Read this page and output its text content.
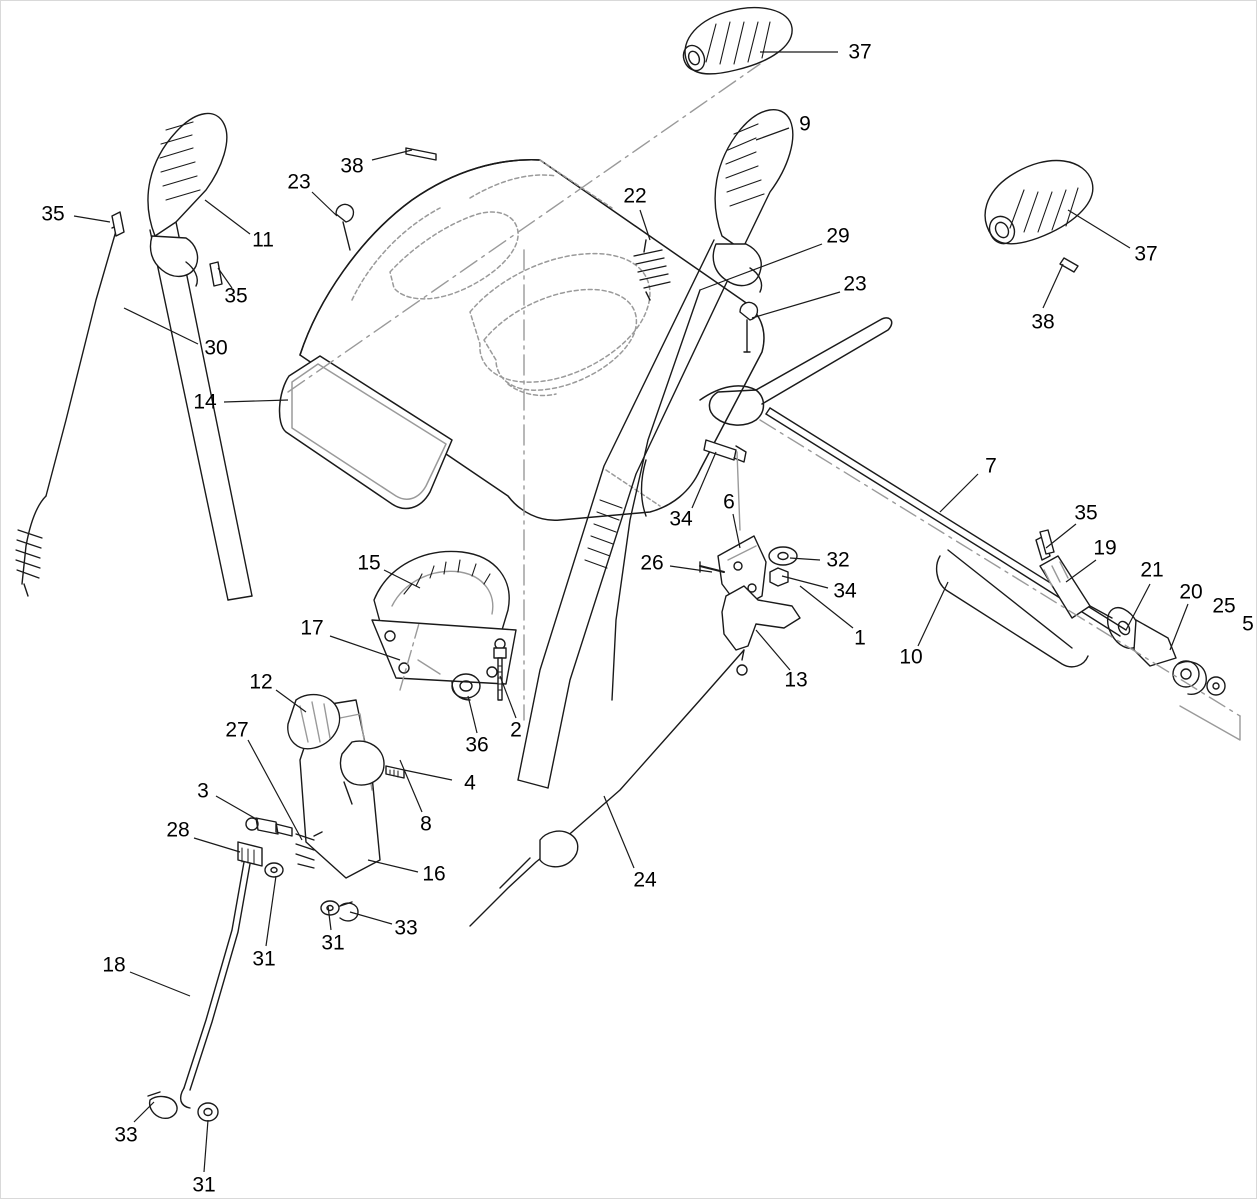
37
38
9
23
22
35
11	29
37
23
35
38
30
14
7
34
6	35
19
32
15	26	21
34	20
25
17	1
5
10
13
12
2
36
27
4
3
8
28
16	24
33
31
31
18
33
31
